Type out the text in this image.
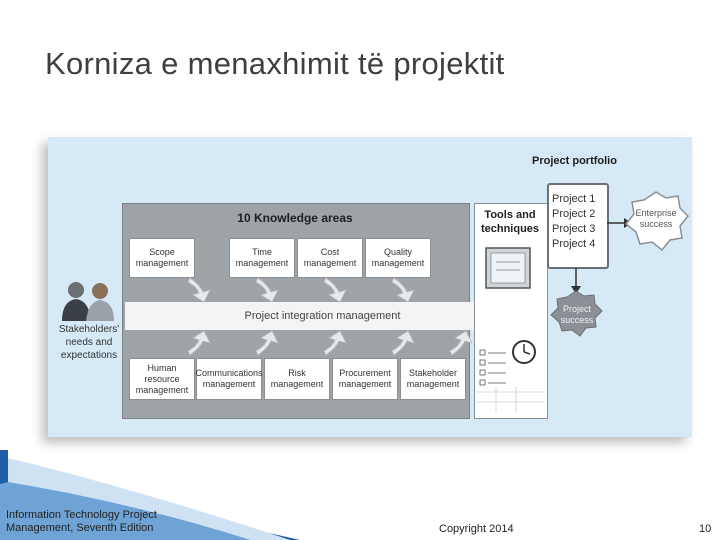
Korniza e menaxhimit të projektit
10 Knowledge areas
Scope
management
Time
management
Cost
management
Quality
management
Project integration management
Human
resource
management
Communications
management
Risk
management
Procurement
management
Stakeholder
management
Stakeholders'
needs and
expectations
Tools and
techniques
Project portfolio
Project 1
Project 2
Project 3
Project 4
Enterprise
success
Project
success
Information Technology Project
Management, Seventh Edition	Copyright 2014	10
